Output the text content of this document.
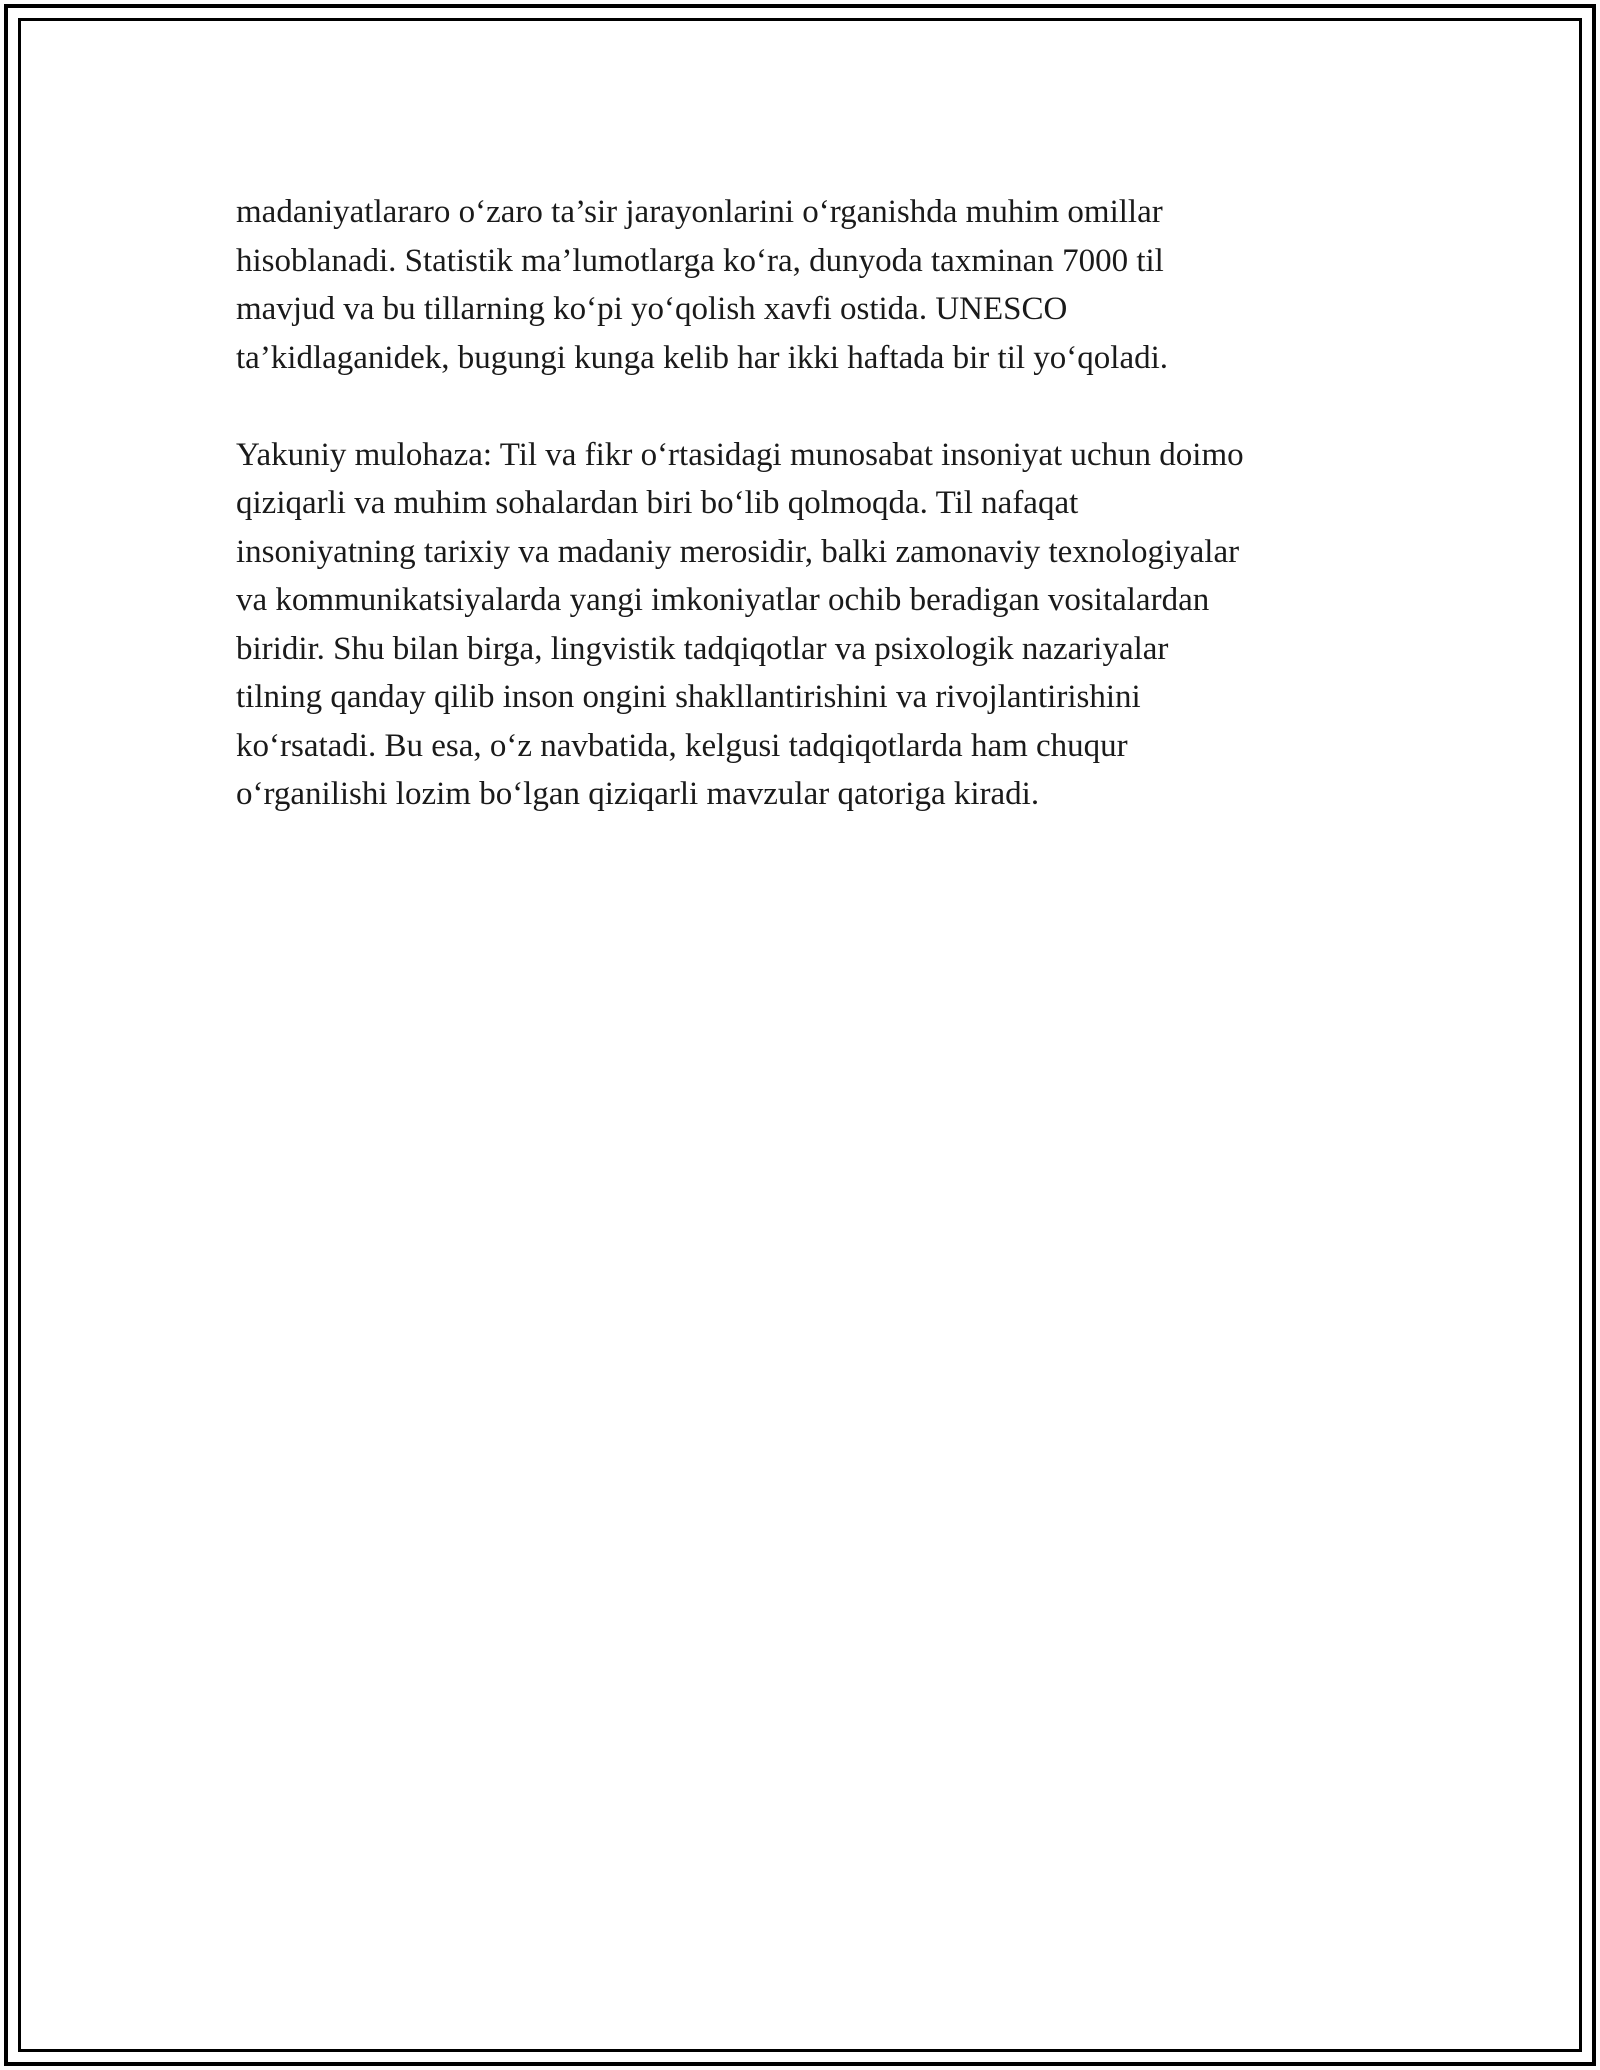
madaniyatlararo o‘zaro ta’sir jarayonlarini o‘rganishda muhim omillar
hisoblanadi. Statistik ma’lumotlarga ko‘ra, dunyoda taxminan 7000 til
mavjud va bu tillarning ko‘pi yo‘qolish xavfi ostida. UNESCO
ta’kidlaganidek, bugungi kunga kelib har ikki haftada bir til yo‘qoladi.

Yakuniy mulohaza: Til va fikr o‘rtasidagi munosabat insoniyat uchun doimo
qiziqarli va muhim sohalardan biri bo‘lib qolmoqda. Til nafaqat
insoniyatning tarixiy va madaniy merosidir, balki zamonaviy texnologiyalar
va kommunikatsiyalarda yangi imkoniyatlar ochib beradigan vositalardan
biridir. Shu bilan birga, lingvistik tadqiqotlar va psixologik nazariyalar
tilning qanday qilib inson ongini shakllantirishini va rivojlantirishini
ko‘rsatadi. Bu esa, o‘z navbatida, kelgusi tadqiqotlarda ham chuqur
o‘rganilishi lozim bo‘lgan qiziqarli mavzular qatoriga kiradi.
